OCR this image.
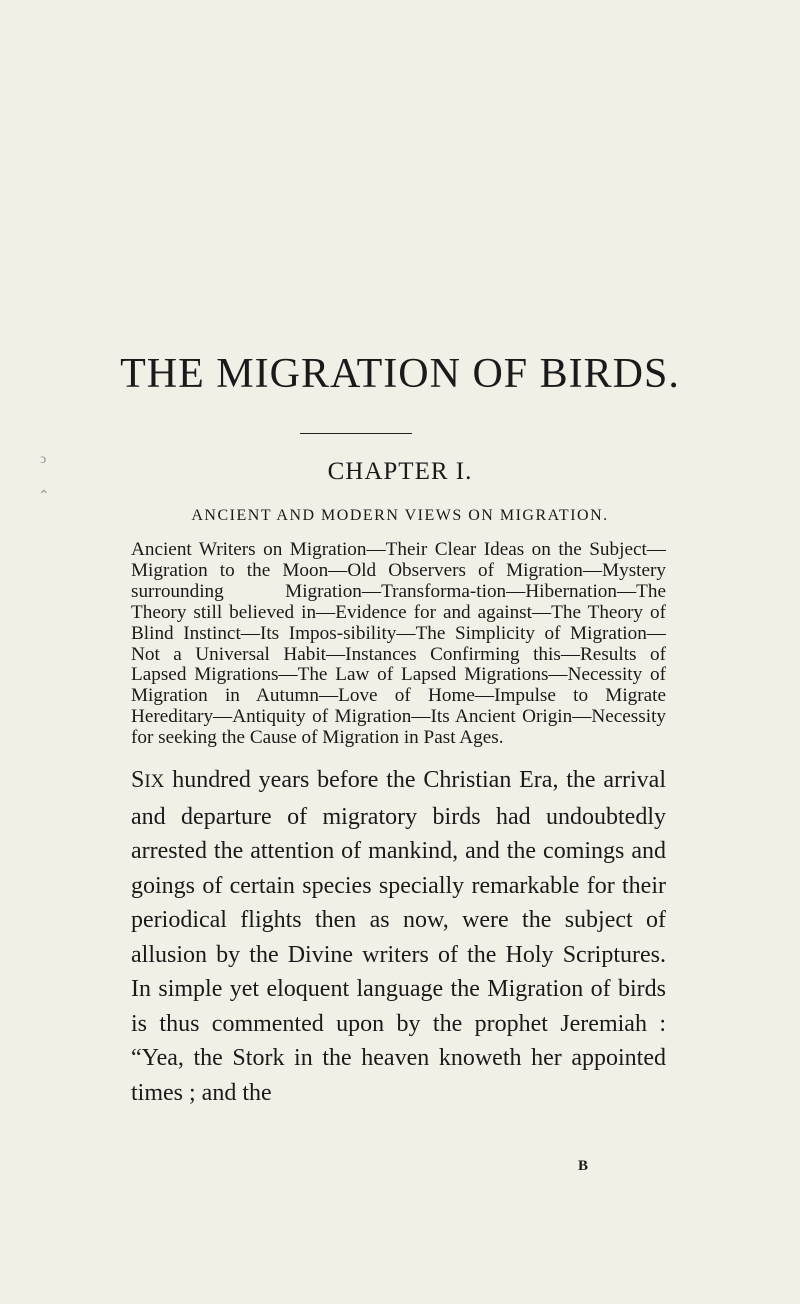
ↄ
⌃
THE MIGRATION OF BIRDS.
CHAPTER I.

ANCIENT AND MODERN VIEWS ON MIGRATION.

Ancient Writers on Migration—Their Clear Ideas on the Subject—Migration to the Moon—Old Observers of Migration—Mystery surrounding Migration—Transforma-tion—Hibernation—The Theory still believed in—Evidence for and against—The Theory of Blind Instinct—Its Impos-sibility—The Simplicity of Migration—Not a Universal Habit—Instances Confirming this—Results of Lapsed Migrations—The Law of Lapsed Migrations—Necessity of Migration in Autumn—Love of Home—Impulse to Migrate Hereditary—Antiquity of Migration—Its Ancient Origin—Necessity for seeking the Cause of Migration in Past Ages.

SIX hundred years before the Christian Era, the arrival and departure of migratory birds had undoubtedly arrested the attention of mankind, and the comings and goings of certain species specially remarkable for their periodical flights then as now, were the subject of allusion by the Divine writers of the Holy Scriptures. In simple yet eloquent language the Migration of birds is thus commented upon by the prophet Jeremiah : “Yea, the Stork in the heaven knoweth her appointed times ; and the

B
